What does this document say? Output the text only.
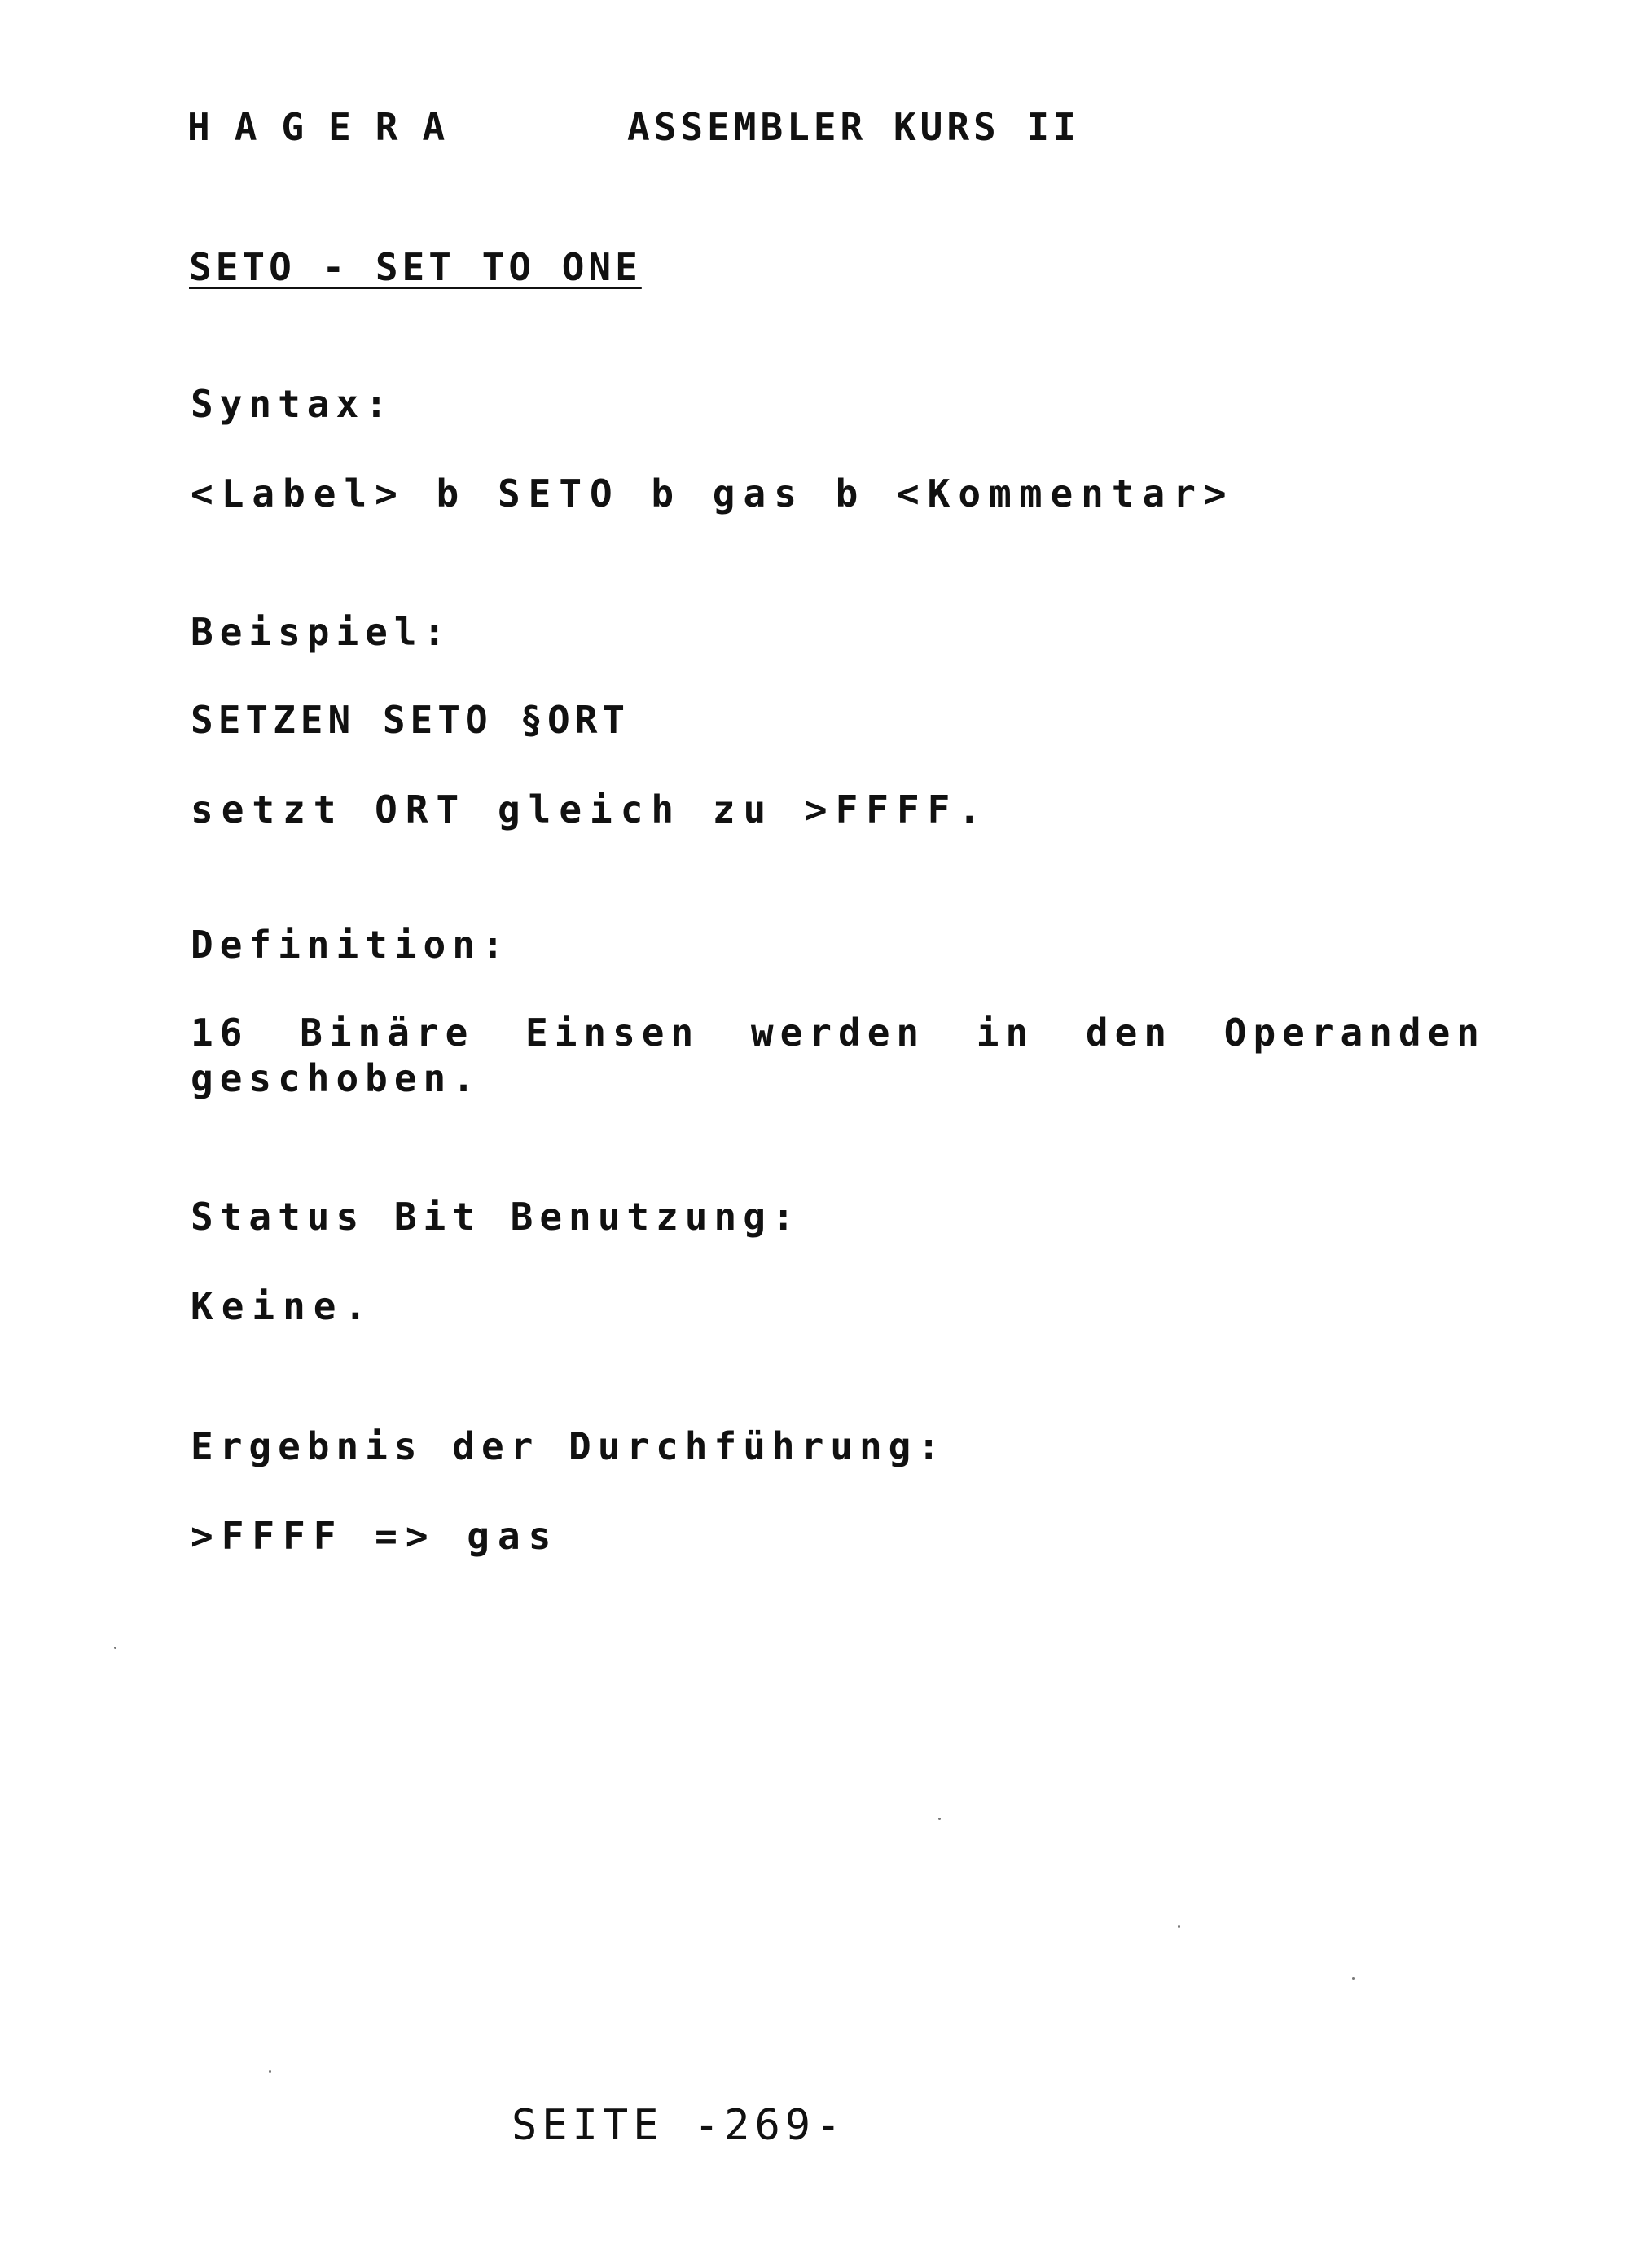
HAGERA	ASSEMBLER KURS II
SETO - SET TO ONE
Syntax:
<Label> b SETO b gas b <Kommentar>
Beispiel:
SETZEN SETO §ORT
setzt ORT gleich zu >FFFF.
Definition:
16 Binäre Einsen werden in den Operanden geschoben.
Status Bit Benutzung:
Keine.
Ergebnis der Durchführung:
>FFFF => gas
SEITE -269-
